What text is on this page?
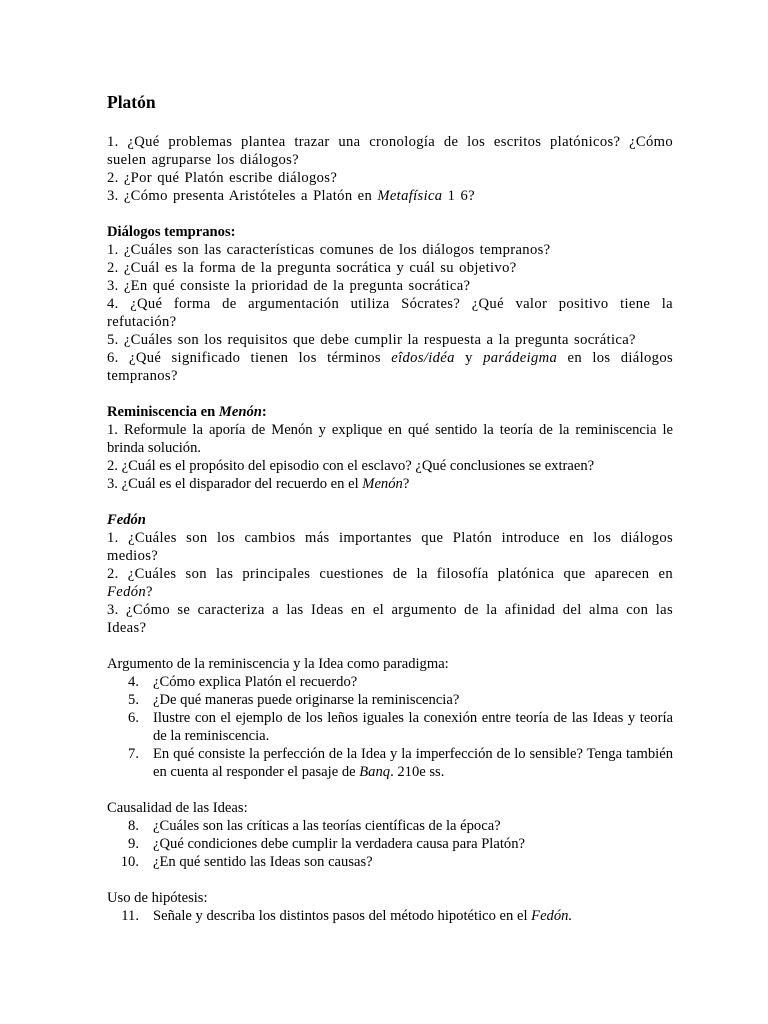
Platón

1. ¿Qué problemas plantea trazar una cronología de los escritos platónicos? ¿Cómo suelen agruparse los diálogos?

2. ¿Por qué Platón escribe diálogos?

3. ¿Cómo presenta Aristóteles a Platón en Metafísica 1 6?

Diálogos tempranos:

1. ¿Cuáles son las características comunes de los diálogos tempranos?

2. ¿Cuál es la forma de la pregunta socrática y cuál su objetivo?

3. ¿En qué consiste la prioridad de la pregunta socrática?

4. ¿Qué forma de argumentación utiliza Sócrates? ¿Qué valor positivo tiene la refutación?

5. ¿Cuáles son los requisitos que debe cumplir la respuesta a la pregunta socrática?

6. ¿Qué significado tienen los términos eîdos/idéa y parádeigma en los diálogos tempranos?

Reminiscencia en Menón:

1. Reformule la aporía de Menón y explique en qué sentido la teoría de la reminiscencia le brinda solución.

2. ¿Cuál es el propósito del episodio con el esclavo? ¿Qué conclusiones se extraen?

3. ¿Cuál es el disparador del recuerdo en el Menón?

Fedón

1. ¿Cuáles son los cambios más importantes que Platón introduce en los diálogos medios?

2. ¿Cuáles son las principales cuestiones de la filosofía platónica que aparecen en Fedón?

3. ¿Cómo se caracteriza a las Ideas en el argumento de la afinidad del alma con las Ideas?

Argumento de la reminiscencia y la Idea como paradigma:

4. ¿Cómo explica Platón el recuerdo?
5. ¿De qué maneras puede originarse la reminiscencia?
6. Ilustre con el ejemplo de los leños iguales la conexión entre teoría de las Ideas y teoría de la reminiscencia.
7. En qué consiste la perfección de la Idea y la imperfección de lo sensible? Tenga también en cuenta al responder el pasaje de Banq. 210e ss.

Causalidad de las Ideas:

8. ¿Cuáles son las críticas a las teorías científicas de la época?
9. ¿Qué condiciones debe cumplir la verdadera causa para Platón?
10. ¿En qué sentido las Ideas son causas?

Uso de hipótesis:

11. Señale y describa los distintos pasos del método hipotético en el Fedón.
